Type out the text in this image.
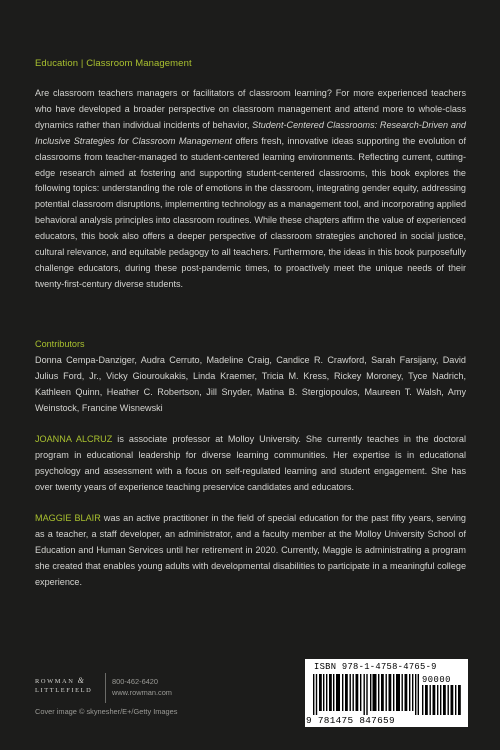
Education | Classroom Management

Are classroom teachers managers or facilitators of classroom learning? For more experienced teachers who have developed a broader perspective on classroom management and attend more to whole-class dynamics rather than individual incidents of behavior, Student-Centered Classrooms: Research-Driven and Inclusive Strategies for Classroom Management offers fresh, innovative ideas supporting the evolution of classrooms from teacher-managed to student-centered learning environments. Reflecting current, cutting-edge research aimed at fostering and supporting student-centered classrooms, this book explores the following topics: understanding the role of emotions in the classroom, integrating gender equity, addressing potential classroom disruptions, implementing technology as a management tool, and incorporating applied behavioral analysis principles into classroom routines. While these chapters affirm the value of experienced educators, this book also offers a deeper perspective of classroom strategies anchored in social justice, cultural relevance, and equitable pedagogy to all teachers. Furthermore, the ideas in this book purposefully challenge educators, during these post-pandemic times, to proactively meet the unique needs of their twenty-first-century diverse students.

Contributors

Donna Cempa-Danziger, Audra Cerruto, Madeline Craig, Candice R. Crawford, Sarah Farsijany, David Julius Ford, Jr., Vicky Giouroukakis, Linda Kraemer, Tricia M. Kress, Rickey Moroney, Tyce Nadrich, Kathleen Quinn, Heather C. Robertson, Jill Snyder, Matina B. Stergiopoulos, Maureen T. Walsh, Amy Weinstock, Francine Wisnewski

JOANNA ALCRUZ is associate professor at Molloy University. She currently teaches in the doctoral program in educational leadership for diverse learning communities. Her expertise is in educational psychology and assessment with a focus on self-regulated learning and student engagement. She has over twenty years of experience teaching preservice candidates and educators.

MAGGIE BLAIR was an active practitioner in the field of special education for the past fifty years, serving as a teacher, a staff developer, an administrator, and a faculty member at the Molloy University School of Education and Human Services until her retirement in 2020. Currently, Maggie is administrating a program she created that enables young adults with developmental disabilities to participate in a meaningful college experience.

ROWMAN &
LITTLEFIELD
800-462-6420
www.rowman.com
Cover image © skynesher/E+/Getty Images
ISBN 978-1-4758-4765-9
90000
9 781475 847659
